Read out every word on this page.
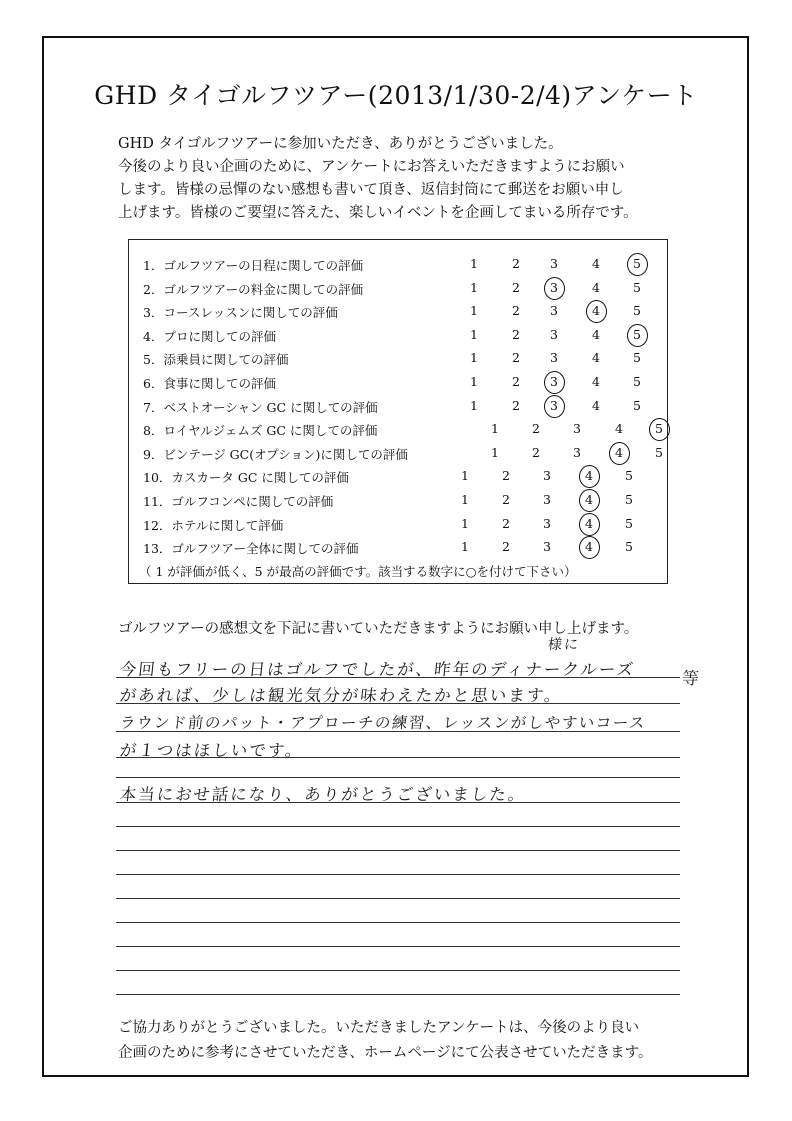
GHD タイゴルフツアー(2013/1/30-2/4)アンケート
GHD タイゴルフツアーに参加いただき、ありがとうございました。
今後のより良い企画のために、アンケートにお答えいただきますようにお願い
します。皆様の忌憚のない感想も書いて頂き、返信封筒にて郵送をお願い申し
上げます。皆様のご要望に答えた、楽しいイベントを企画してまいる所存です。
1．ゴルフツアーの日程に関しての評価	1	2	3	4	5
2．ゴルフツアーの料金に関しての評価	1	2	3	4	5
3．コースレッスンに関しての評価	1	2	3	4	5
4．プロに関しての評価	1	2	3	4	5
5．添乗員に関しての評価	1	2	3	4	5
6．食事に関しての評価	1	2	3	4	5
7．ベストオーシャン GC に関しての評価	1	2	3	4	5
8．ロイヤルジェムズ GC に関しての評価	1	2	3	4	5
9．ビンテージ GC(オプション)に関しての評価	1	2	3	4	5
10．カスカータ GC に関しての評価	1	2	3	4	5
11．ゴルフコンペに関しての評価	1	2	3	4	5
12．ホテルに関して評価	1	2	3	4	5
13．ゴルフツアー全体に関しての評価	1	2	3	4	5
（ 1 が評価が低く、5 が最高の評価です。該当する数字に○を付けて下さい）
ゴルフツアーの感想文を下記に書いていただきますようにお願い申し上げます。
様に
等
今回もフリーの日はゴルフでしたが、昨年のディナークルーズ
があれば、少しは観光気分が味わえたかと思います。
ラウンド前のパット・アプローチの練習、レッスンがしやすいコース
が１つはほしいです。
本当におせ話になり、ありがとうございました。
ご協力ありがとうございました。いただきましたアンケートは、今後のより良い
企画のために参考にさせていただき、ホームページにて公表させていただきます。
